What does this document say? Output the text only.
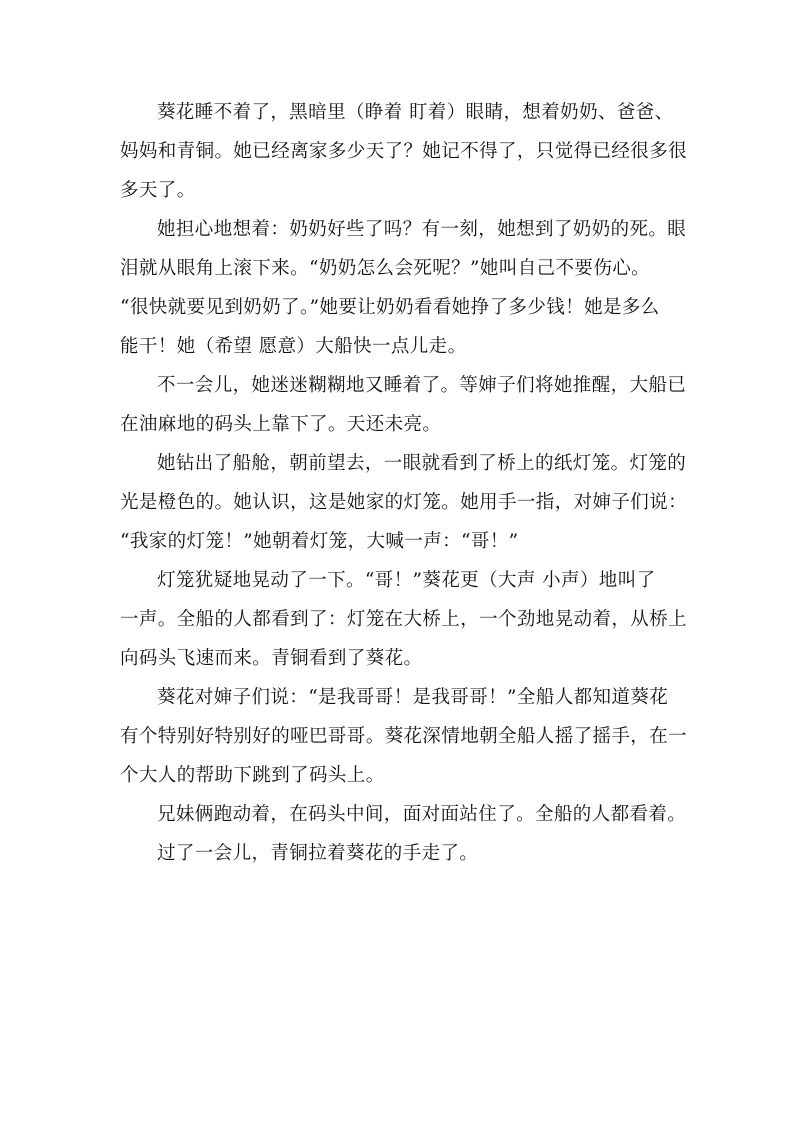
葵花睡不着了，黑暗里（睁着 盯着）眼睛，想着奶奶、爸爸、
妈妈和青铜。她已经离家多少天了？她记不得了，只觉得已经很多很
多天了。
她担心地想着：奶奶好些了吗？有一刻，她想到了奶奶的死。眼
泪就从眼角上滚下来。“奶奶怎么会死呢？”她叫自己不要伤心。
“很快就要见到奶奶了。”她要让奶奶看看她挣了多少钱！她是多么
能干！她（希望 愿意）大船快一点儿走。
不一会儿，她迷迷糊糊地又睡着了。等婶子们将她推醒，大船已
在油麻地的码头上靠下了。天还未亮。
她钻出了船舱，朝前望去，一眼就看到了桥上的纸灯笼。灯笼的
光是橙色的。她认识，这是她家的灯笼。她用手一指，对婶子们说：
“我家的灯笼！”她朝着灯笼，大喊一声：“哥！”
灯笼犹疑地晃动了一下。“哥！”葵花更（大声 小声）地叫了
一声。全船的人都看到了：灯笼在大桥上，一个劲地晃动着，从桥上
向码头飞速而来。青铜看到了葵花。
葵花对婶子们说：“是我哥哥！是我哥哥！”全船人都知道葵花
有个特别好特别好的哑巴哥哥。葵花深情地朝全船人摇了摇手，在一
个大人的帮助下跳到了码头上。
兄妹俩跑动着，在码头中间，面对面站住了。全船的人都看着。
过了一会儿，青铜拉着葵花的手走了。
